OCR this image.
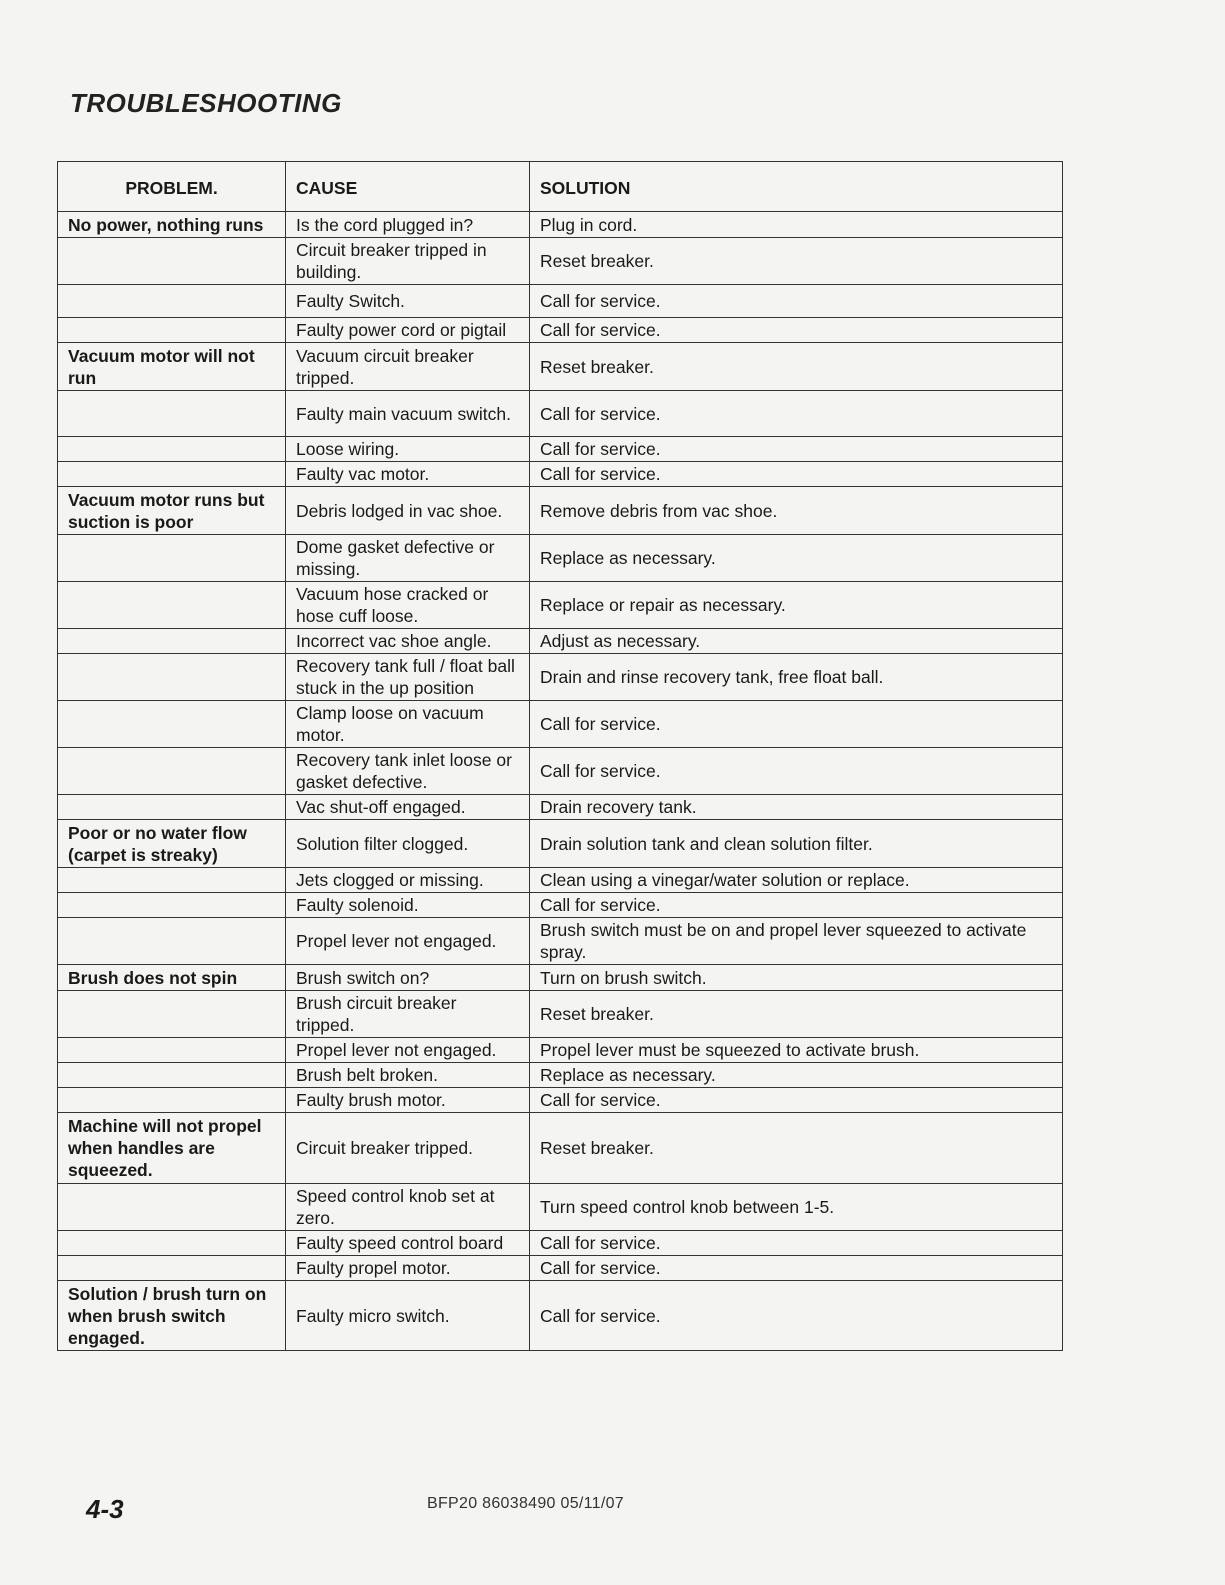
TROUBLESHOOTING
PROBLEM.	CAUSE	SOLUTION
No power, nothing runs	Is the cord plugged in?	Plug in cord.
	Circuit breaker tripped in building.	Reset breaker.
	Faulty Switch.	Call for service.
	Faulty power cord or pigtail	Call for service.
Vacuum motor will not run	Vacuum circuit breaker tripped.	Reset breaker.
	Faulty main vacuum switch.	Call for service.
	Loose wiring.	Call for service.
	Faulty vac motor.	Call for service.
Vacuum motor runs but suction is poor	Debris lodged in vac shoe.	Remove debris from vac shoe.
	Dome gasket defective or missing.	Replace as necessary.
	Vacuum hose cracked or hose cuff loose.	Replace or repair as necessary.
	Incorrect vac shoe angle.	Adjust as necessary.
	Recovery tank full / float ball stuck in the up position	Drain and rinse recovery tank, free float ball.
	Clamp loose on vacuum motor.	Call for service.
	Recovery tank inlet loose or gasket defective.	Call for service.
	Vac shut-off engaged.	Drain recovery tank.
Poor or no water flow (carpet is streaky)	Solution filter clogged.	Drain solution tank and clean solution filter.
	Jets clogged or missing.	Clean using a vinegar/water solution or replace.
	Faulty solenoid.	Call for service.
	Propel lever not engaged.	Brush switch must be on and propel lever squeezed to activate spray.
Brush does not spin	Brush switch on?	Turn on brush switch.
	Brush circuit breaker tripped.	Reset breaker.
	Propel lever not engaged.	Propel lever must be squeezed to activate brush.
	Brush belt broken.	Replace as necessary.
	Faulty brush motor.	Call for service.
Machine will not propel when handles are squeezed.	Circuit breaker tripped.	Reset breaker.
	Speed control knob set at zero.	Turn speed control knob between 1-5.
	Faulty speed control board	Call for service.
	Faulty propel motor.	Call for service.
Solution / brush turn on when brush switch engaged.	Faulty micro switch.	Call for service.
4-3	BFP20 86038490 05/11/07
